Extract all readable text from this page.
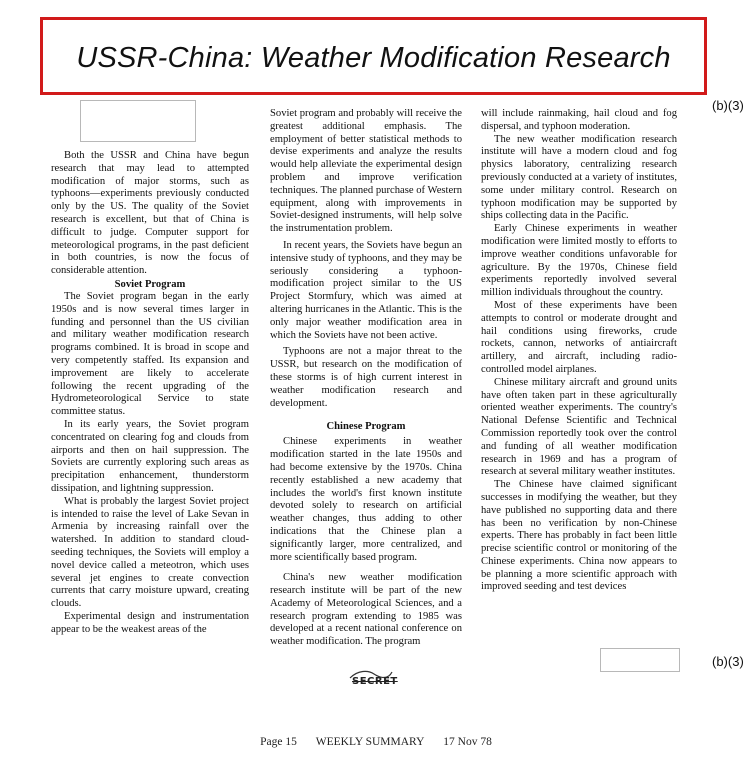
USSR-China: Weather Modification Research
(b)(3)

Both the USSR and China have begun research that may lead to attempted modification of major storms, such as typhoons—experiments previously conducted only by the US. The quality of the Soviet research is excellent, but that of China is difficult to judge. Computer support for meteorological programs, in the past deficient in both countries, is now the focus of considerable attention.

Soviet Program

The Soviet program began in the early 1950s and is now several times larger in funding and personnel than the US civilian and military weather modification research programs combined. It is broad in scope and very competently staffed. Its expansion and improvement are likely to accelerate following the recent upgrading of the Hydrometeorological Service to state committee status.

In its early years, the Soviet program concentrated on clearing fog and clouds from airports and then on hail suppression. The Soviets are currently exploring such areas as precipitation enhancement, thunderstorm dissipation, and lightning suppression.

What is probably the largest Soviet project is intended to raise the level of Lake Sevan in Armenia by increasing rainfall over the watershed. In addition to standard cloud-seeding techniques, the Soviets will employ a novel device called a meteotron, which uses several jet engines to create convection currents that carry moisture upward, creating clouds.

Experimental design and instrumentation appear to be the weakest areas of the

Soviet program and probably will receive the greatest additional emphasis. The employment of better statistical methods to devise experiments and analyze the results would help alleviate the experimental design problem and improve verification techniques. The planned purchase of Western equipment, along with improvements in Soviet-designed instruments, will help solve the instrumentation problem.

In recent years, the Soviets have begun an intensive study of typhoons, and they may be seriously considering a typhoon-modification project similar to the US Project Stormfury, which was aimed at altering hurricanes in the Atlantic. This is the only major weather modification area in which the Soviets have not been active.

Typhoons are not a major threat to the USSR, but research on the modification of these storms is of high current interest in weather modification research and development.

Chinese Program

Chinese experiments in weather modification started in the late 1950s and had become extensive by the 1970s. China recently established a new academy that includes the world's first known institute devoted solely to research on artificial weather changes, thus adding to other indications that the Chinese plan a significantly larger, more centralized, and more scientifically based program.

China's new weather modification research institute will be part of the new Academy of Meteorological Sciences, and a research program extending to 1985 was developed at a recent national conference on weather modification. The program

will include rainmaking, hail cloud and fog dispersal, and typhoon moderation.

The new weather modification research institute will have a modern cloud and fog physics laboratory, centralizing research previously conducted at a variety of institutes, some under military control. Research on typhoon modification may be supported by ships collecting data in the Pacific.

Early Chinese experiments in weather modification were limited mostly to efforts to improve weather conditions unfavorable for agriculture. By the 1970s, Chinese field experiments reportedly involved several million individuals throughout the country.

Most of these experiments have been attempts to control or moderate drought and hail conditions using fireworks, crude rockets, cannon, networks of antiaircraft artillery, and aircraft, including radio-controlled model airplanes.

Chinese military aircraft and ground units have often taken part in these agriculturally oriented weather experiments. The country's National Defense Scientific and Technical Commission reportedly took over the control and funding of all weather modification research in 1969 and has a program of research at several military weather institutes.

The Chinese have claimed significant successes in modifying the weather, but they have published no supporting data and there has been no verification by non-Chinese experts. There has probably in fact been little precise scientific control or monitoring of the Chinese experiments. China now appears to be planning a more scientific approach with improved seeding and test devices

(b)(3)
SECRET
Page 15 WEEKLY SUMMARY 17 Nov 78
